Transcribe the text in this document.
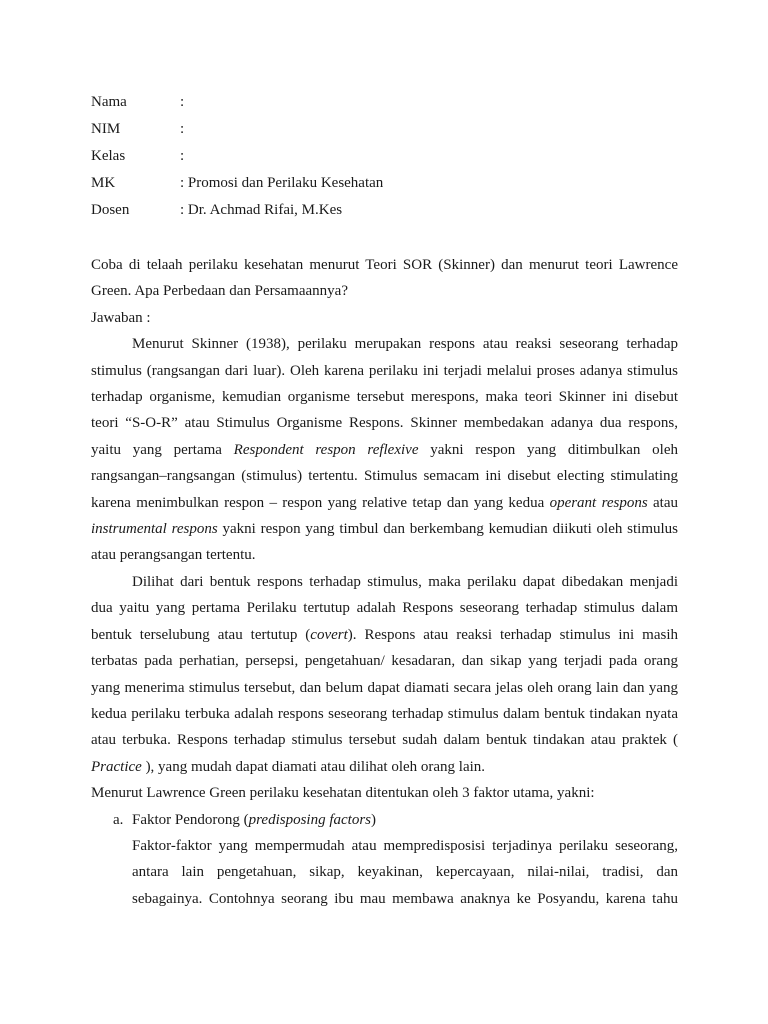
Nama	:
NIM	:
Kelas	:
MK	: Promosi dan Perilaku Kesehatan
Dosen	: Dr. Achmad Rifai, M.Kes

Coba di telaah perilaku kesehatan menurut Teori SOR (Skinner) dan menurut teori Lawrence

Green. Apa Perbedaan dan Persamaannya?

Jawaban :

Menurut Skinner (1938), perilaku merupakan respons atau reaksi seseorang terhadap

stimulus (rangsangan dari luar). Oleh karena perilaku ini terjadi melalui proses adanya stimulus

terhadap organisme, kemudian organisme tersebut merespons, maka teori Skinner ini disebut

teori “S-O-R” atau Stimulus Organisme Respons. Skinner membedakan adanya dua respons,

yaitu yang pertama Respondent respon reflexive yakni respon yang ditimbulkan oleh

rangsangan–rangsangan (stimulus) tertentu. Stimulus semacam ini disebut electing stimulating

karena menimbulkan respon – respon yang relative tetap dan yang kedua operant respons atau

instrumental respons yakni respon yang timbul dan berkembang kemudian diikuti oleh stimulus

atau perangsangan tertentu.

Dilihat dari bentuk respons terhadap stimulus, maka perilaku dapat dibedakan menjadi

dua yaitu yang pertama Perilaku tertutup adalah Respons seseorang terhadap stimulus dalam

bentuk terselubung atau tertutup (covert). Respons atau reaksi terhadap stimulus ini masih

terbatas pada perhatian, persepsi, pengetahuan/ kesadaran, dan sikap yang terjadi pada orang

yang menerima stimulus tersebut, dan belum dapat diamati secara jelas oleh orang lain dan yang

kedua perilaku terbuka adalah respons seseorang terhadap stimulus dalam bentuk tindakan nyata

atau terbuka. Respons terhadap stimulus tersebut sudah dalam bentuk tindakan atau praktek (

Practice ), yang mudah dapat diamati atau dilihat oleh orang lain.

Menurut Lawrence Green perilaku kesehatan ditentukan oleh 3 faktor utama, yakni:

a. Faktor Pendorong (predisposing factors)

Faktor-faktor yang mempermudah atau mempredisposisi terjadinya perilaku seseorang,

antara lain pengetahuan, sikap, keyakinan, kepercayaan, nilai-nilai, tradisi, dan

sebagainya. Contohnya seorang ibu mau membawa anaknya ke Posyandu, karena tahu
